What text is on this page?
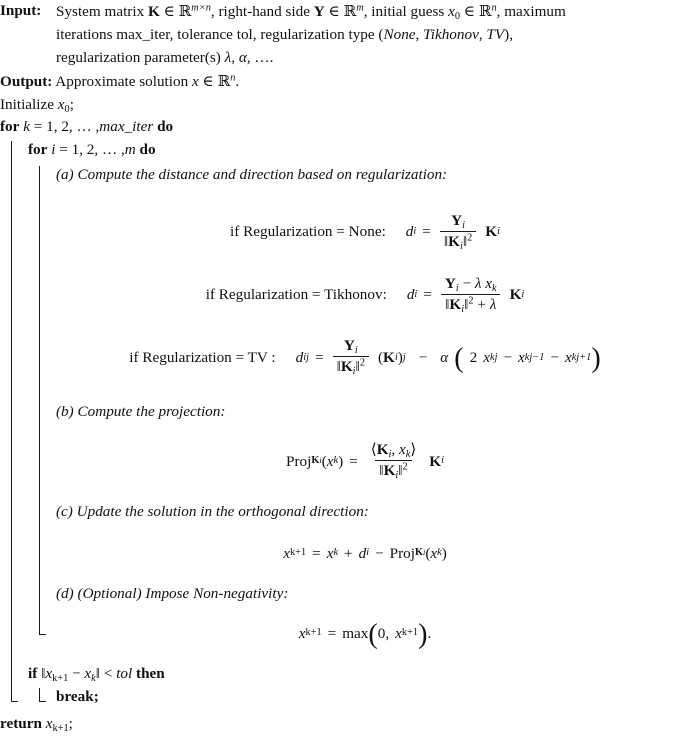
Input: System matrix K ∈ ℝ$^{m\times n}$, right-hand side Y ∈ ℝ$^m$, initial guess $x_0$ ∈ ℝ$^n$, maximum
iterations max_iter, tolerance tol, regularization type (None, Tikhonov, TV),
regularization parameter(s) λ, α, ….
Output: Approximate solution x ∈ ℝ$^n$.
Initialize $x_0$;
for k = 1, 2, … ,max_iter do
for i = 1, 2, … ,m do
(a) Compute the distance and direction based on regularization:
if Regularization = None: d $i = \frac{Y_i}{‖K_i‖^2}$ K i
if Regularization = Tikhonov: d $i = \frac{Y_i - \lambda x_k}{‖K_i‖^2 + \lambda}$ K i
if Regularization = TV : d i $j = \frac{Y_i}{‖K_i‖^2}$ ( K i ) j − α ( 2 x k j − x k j−1 − x k j+1 )
(b) Compute the projection:
Proj Ki ( x k ) = $\frac{⟨K_i, x_k⟩}{‖K_i‖^2}$ K i
(c) Update the solution in the orthogonal direction:
x k+1 = x k + d i − Proj Ki ( x k )
(d) (Optional) Impose Non-negativity:
x k+1 = max ( 0, x k+1 ) .
if $‖x_{k+1}$ − $x_k‖$ < tol then
break;
return $x_{k+1}$;
